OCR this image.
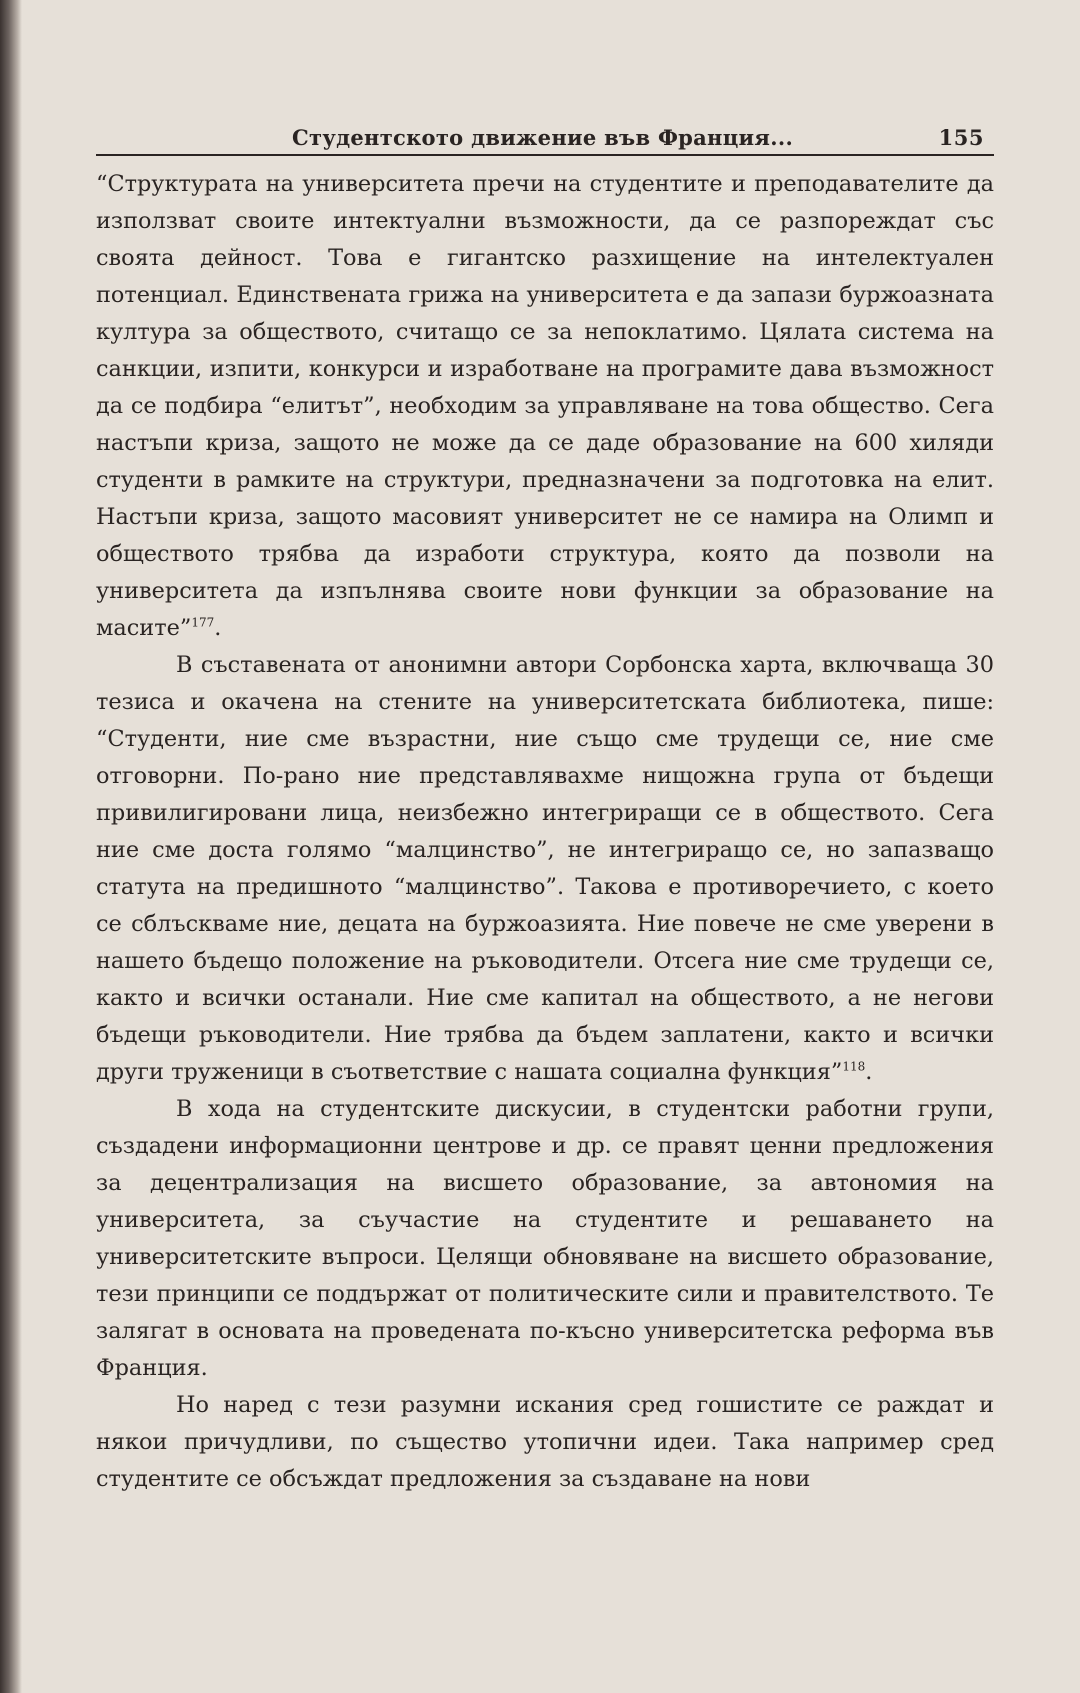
Студентското движение във Франция...	155

“Структурата на университета пречи на студентите и преподавателите да използват своите интектуални възможности, да се разпореждат със своята дейност. Това е гигантско разхищение на интелектуален потенциал. Единствената грижа на университета е да запази буржоазната култура за обществото, считащо се за непоклатимо. Цялата система на санкции, изпити, конкурси и изработване на програмите дава възможност да се подбира “елитът”, необходим за управляване на това общество. Сега настъпи криза, защото не може да се даде образование на 600 хиляди студенти в рамките на структури, предназначени за подготовка на елит. Настъпи криза, защото масовият университет не се намира на Олимп и обществото трябва да изработи структура, която да позволи на университета да изпълнява своите нови функции за образование на масите”$^{177}$.

В съставената от анонимни автори Сорбонска харта, включваща 30 тезиса и окачена на стените на университетската библиотека, пише: “Студенти, ние сме възрастни, ние също сме трудещи се, ние сме отговорни. По-рано ние представлявахме нищожна група от бъдещи привилигировани лица, неизбежно интегриращи се в обществото. Сега ние сме доста голямо “малцинство”, не интегриращо се, но запазващо статута на предишното “малцинство”. Такова е противоречието, с което се сблъскваме ние, децата на буржоазията. Ние повече не сме уверени в нашето бъдещо положение на ръководители. Отсега ние сме трудещи се, както и всички останали. Ние сме капитал на обществото, а не негови бъдещи ръководители. Ние трябва да бъдем заплатени, както и всички други труженици в съответствие с нашата социална функция”$^{118}$.

В хода на студентските дискусии, в студентски работни групи, създадени информационни центрове и др. се правят ценни предложения за децентрализация на висшето образование, за автономия на университета, за съучастие на студентите и решаването на университетските въпроси. Целящи обновяване на висшето образование, тези принципи се поддържат от политическите сили и правителството. Те залягат в основата на проведената по-късно университетска реформа във Франция.

Но наред с тези разумни искания сред гошистите се раждат и някои причудливи, по същество утопични идеи. Така например сред студентите се обсъждат предложения за създаване на нови
